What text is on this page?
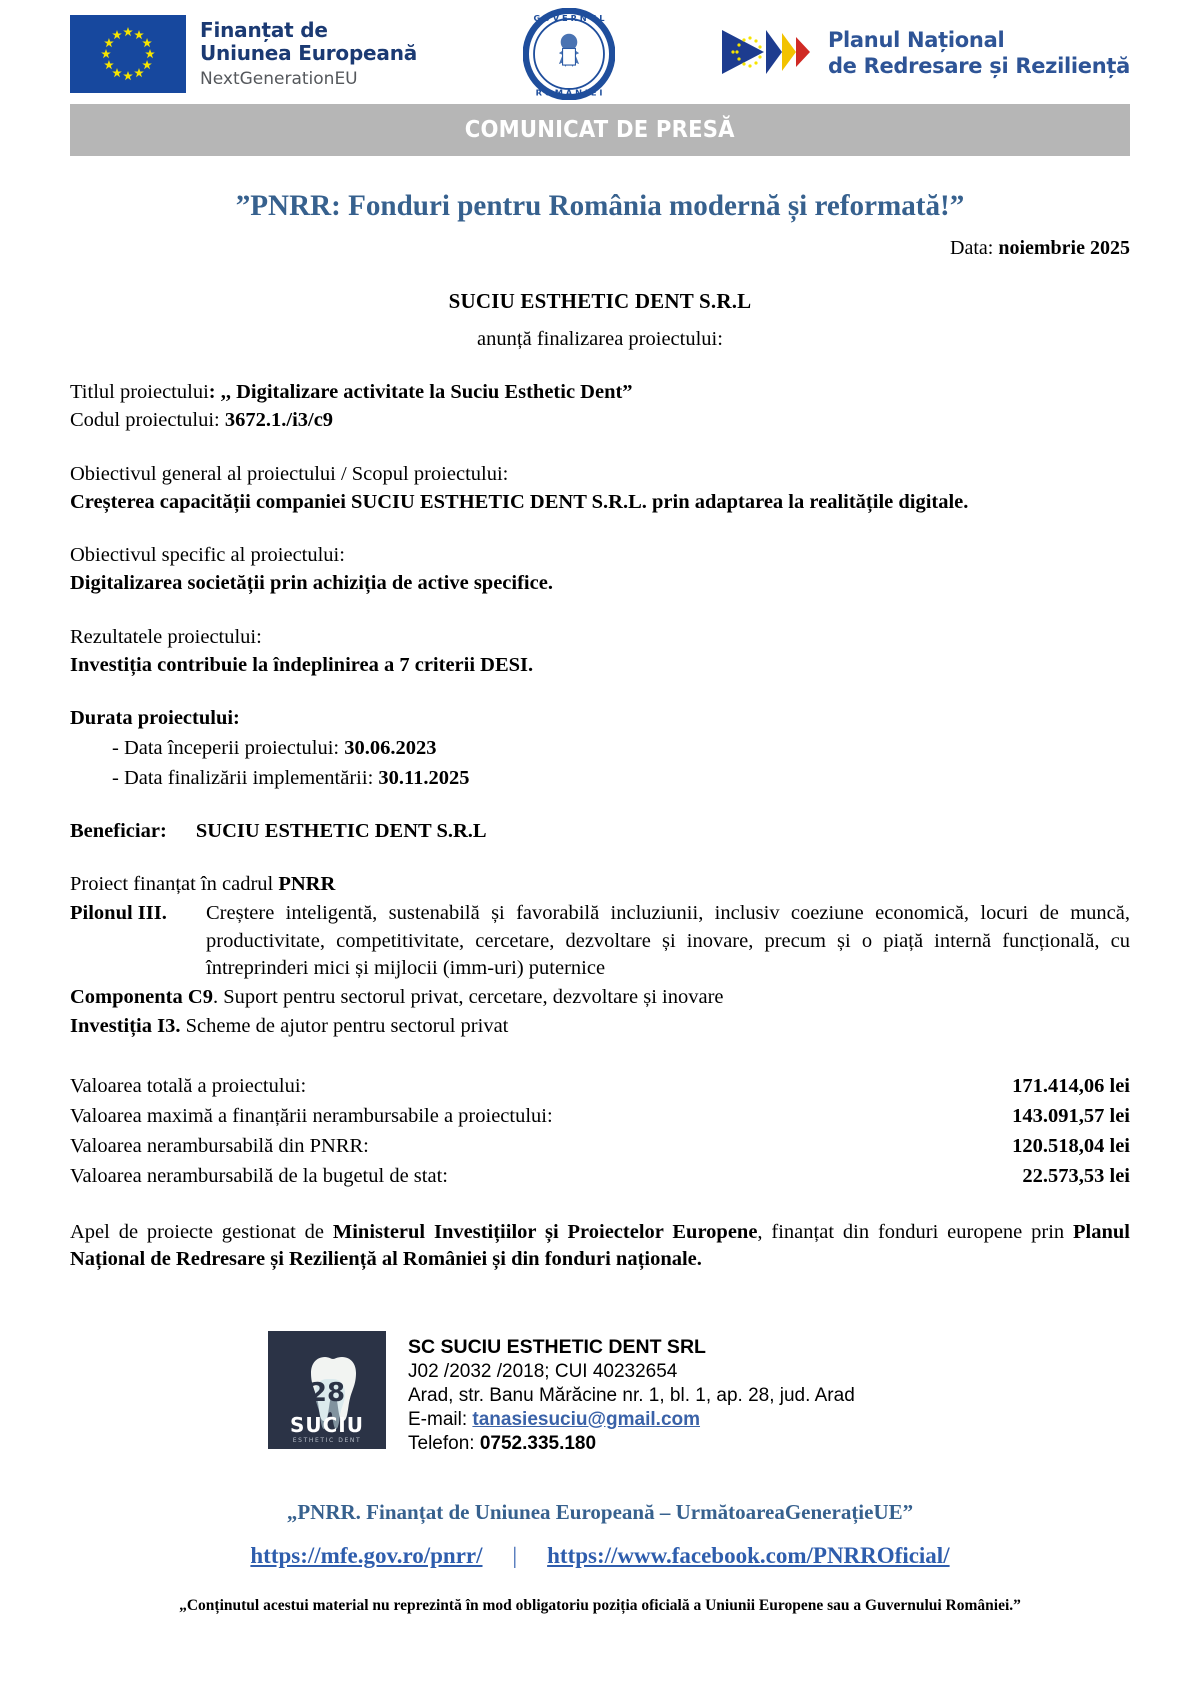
Finanțat de
Uniunea Europeană
NextGenerationEU
G U V E R N U L
R O M Â N I E I
Planul Național
de Redresare și Reziliență
COMUNICAT DE PRESĂ
”PNRR: Fonduri pentru România modernă și reformată!”
Data: noiembrie 2025
SUCIU ESTHETIC DENT S.R.L
anunță finalizarea proiectului:
Titlul proiectului: ,, Digitalizare activitate la Suciu Esthetic Dent”
Codul proiectului: 3672.1./i3/c9
Obiectivul general al proiectului / Scopul proiectului:
Creșterea capacității companiei SUCIU ESTHETIC DENT S.R.L. prin adaptarea la realitățile digitale.
Obiectivul specific al proiectului:
Digitalizarea societății prin achiziția de active specifice.
Rezultatele proiectului:
Investiția contribuie la îndeplinirea a 7 criterii DESI.
Durata proiectului:
- Data începerii proiectului: 30.06.2023
- Data finalizării implementării: 30.11.2025
Beneficiar: SUCIU ESTHETIC DENT S.R.L
Proiect finanțat în cadrul PNRR
Pilonul III.	Creștere inteligentă, sustenabilă și favorabilă incluziunii, inclusiv coeziune economică, locuri de muncă, productivitate, competitivitate, cercetare, dezvoltare și inovare, precum și o piață internă funcțională, cu întreprinderi mici și mijlocii (imm-uri) puternice
Componenta C9. Suport pentru sectorul privat, cercetare, dezvoltare și inovare
Investiția I3. Scheme de ajutor pentru sectorul privat
Valoarea totală a proiectului:	171.414,06 lei
Valoarea maximă a finanțării nerambursabile a proiectului:	143.091,57 lei
Valoarea nerambursabilă din PNRR:	120.518,04 lei
Valoarea nerambursabilă de la bugetul de stat:	22.573,53 lei
Apel de proiecte gestionat de Ministerul Investițiilor și Proiectelor Europene, finanțat din fonduri europene prin Planul Național de Redresare și Reziliență al României și din fonduri naționale.
28
SUCIU
ESTHETIC DENT
SC SUCIU ESTHETIC DENT SRL
J02 /2032 /2018; CUI 40232654
Arad, str. Banu Mărăcine nr. 1, bl. 1, ap. 28, jud. Arad
E-mail: tanasiesuciu@gmail.com
Telefon: 0752.335.180
„PNRR. Finanțat de Uniunea Europeană – UrmătoareaGenerațieUE”
https://mfe.gov.ro/pnrr/ | https://www.facebook.com/PNRROficial/
„Conținutul acestui material nu reprezintă în mod obligatoriu poziția oficială a Uniunii Europene sau a Guvernului României.”
